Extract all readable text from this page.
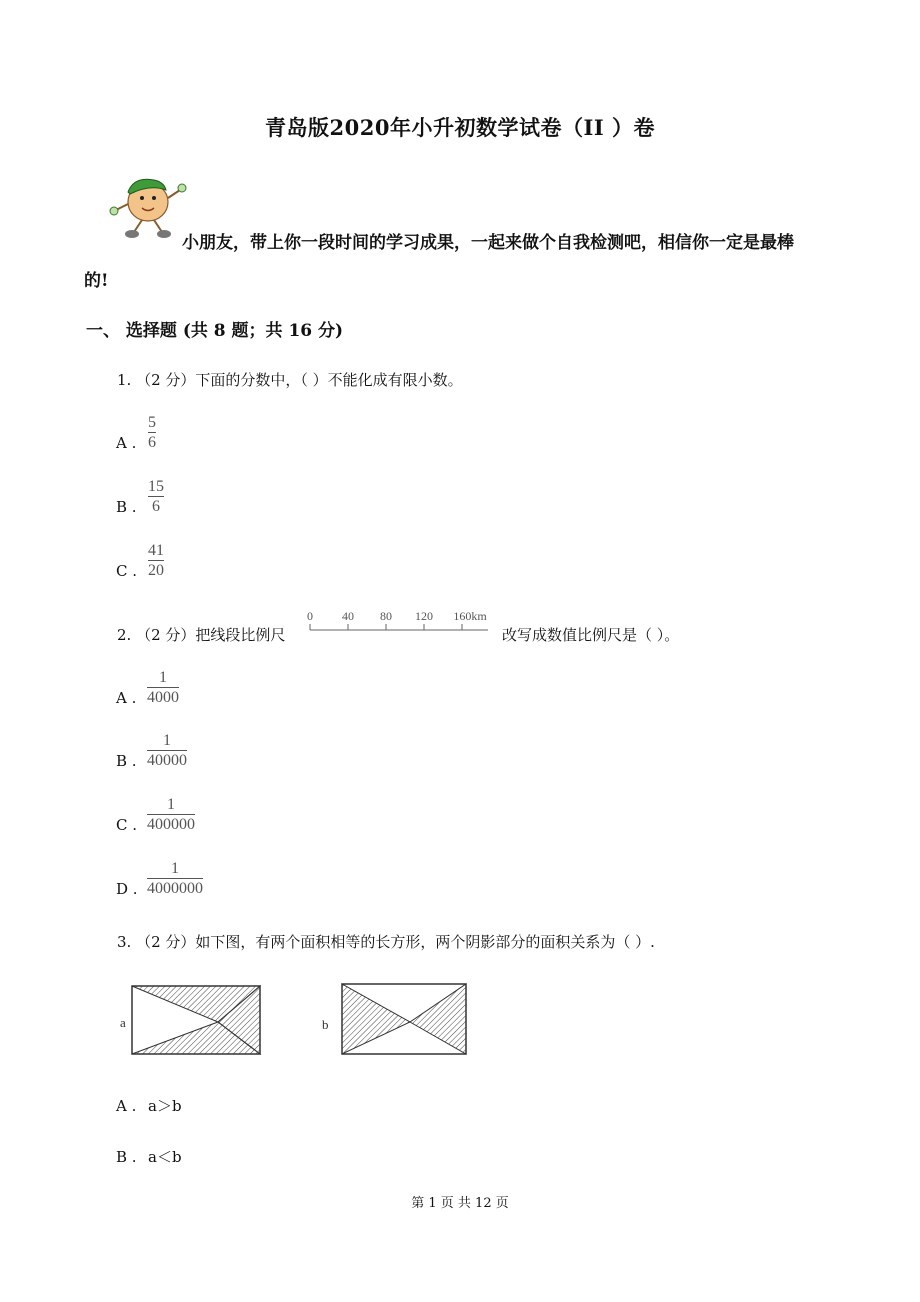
青岛版2020年小升初数学试卷（II ）卷
小朋友，带上你一段时间的学习成果，一起来做个自我检测吧，相信你一定是最棒
的!
一、 选择题 (共 8 题；共 16 分)
1. （2 分）下面的分数中，（ ）不能化成有限小数。
A .
5
6
B .
15
6
C .
41
20
2. （2 分）把线段比例尺
0 40 80 120 160km
改写成数值比例尺是（ ）。
A .
1
4000
B .
1
40000
C .
1
400000
D .
1
4000000
3. （2 分）如下图，有两个面积相等的长方形，两个阴影部分的面积关系为（ ）.
a	b
A . a＞b
B . a＜b
第 1 页 共 12 页
